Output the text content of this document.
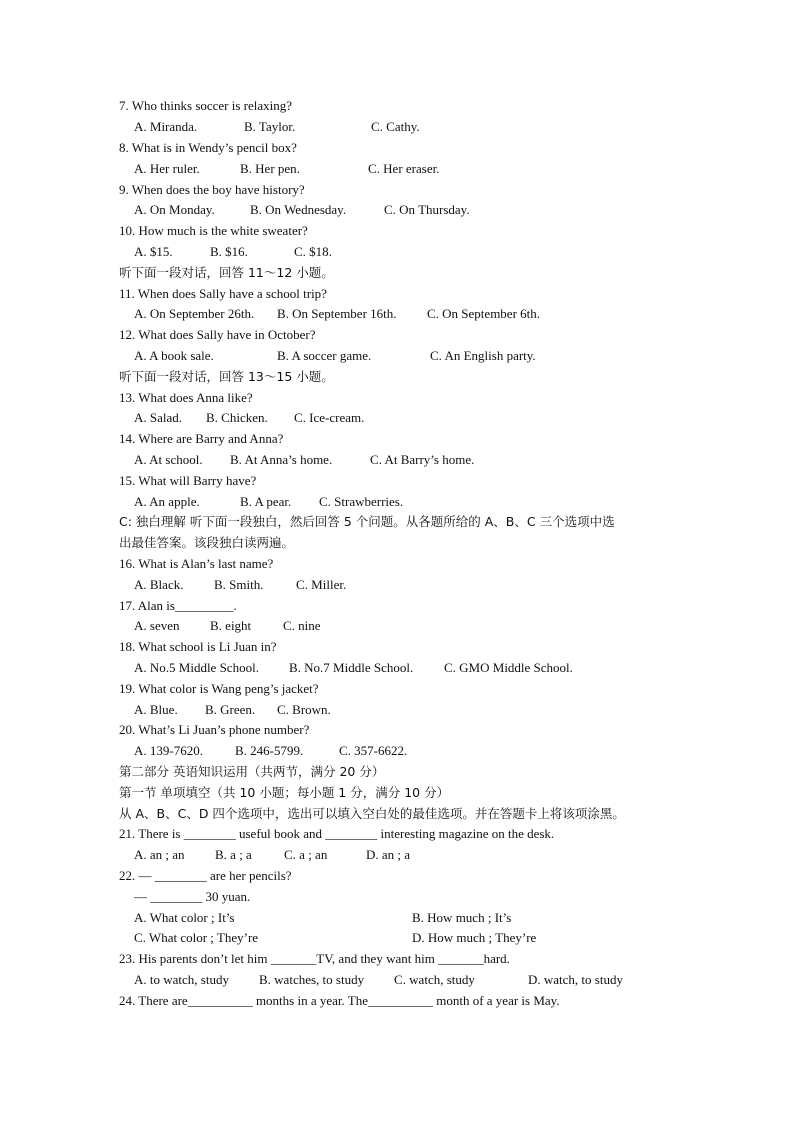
7. Who thinks soccer is relaxing?
A. Miranda.	B. Taylor.	C. Cathy.
8. What is in Wendy’s pencil box?
A. Her ruler.	B. Her pen.	C. Her eraser.
9. When does the boy have history?
A. On Monday.	B. On Wednesday.	C. On Thursday.
10. How much is the white sweater?
A. $15.	B. $16.	C. $18.
听下面一段对话，回答 11～12 小题。
11. When does Sally have a school trip?
A. On September 26th. B. On September 16th. C. On September 6th.
12. What does Sally have in October?
A. A book sale.	B. A soccer game.	C. An English party.
听下面一段对话，回答 13～15 小题。
13. What does Anna like?
A. Salad. B. Chicken. C. Ice-cream.
14. Where are Barry and Anna?
A. At school. B. At Anna’s home.	C. At Barry’s home.
15. What will Barry have?
A. An apple.	B. A pear. C. Strawberries.
C: 独白理解 听下面一段独白，然后回答 5 个问题。从各题所给的 A、B、C 三个选项中选
出最佳答案。该段独白读两遍。
16. What is Alan’s last name?
A. Black. B. Smith.	C. Miller.
17. Alan is_________.
A. seven B. eight C. nine
18. What school is Li Juan in?
A. No.5 Middle School. B. No.7 Middle School. C. GMO Middle School.
19. What color is Wang peng’s jacket?
A. Blue. B. Green. C. Brown.
20. What’s Li Juan’s phone number?
A. 139-7620. B. 246-5799.	C. 357-6622.
第二部分 英语知识运用（共两节，满分 20 分）
第一节 单项填空（共 10 小题；每小题 1 分，满分 10 分）
从 A、B、C、D 四个选项中，选出可以填入空白处的最佳选项。并在答题卡上将该项涂黑。
21. There is ________ useful book and ________ interesting magazine on the desk.
A. an ; an B. a ; a C. a ; an	D. an ; a
22. — ________ are her pencils?
— ________ 30 yuan.
A. What color ; It’s	B. How much ; It’s
C. What color ; They’re	D. How much ; They’re
23. His parents don’t let him _______TV, and they want him _______hard.
A. to watch, study B. watches, to study C. watch, study	D. watch, to study
24. There are__________ months in a year. The__________ month of a year is May.
